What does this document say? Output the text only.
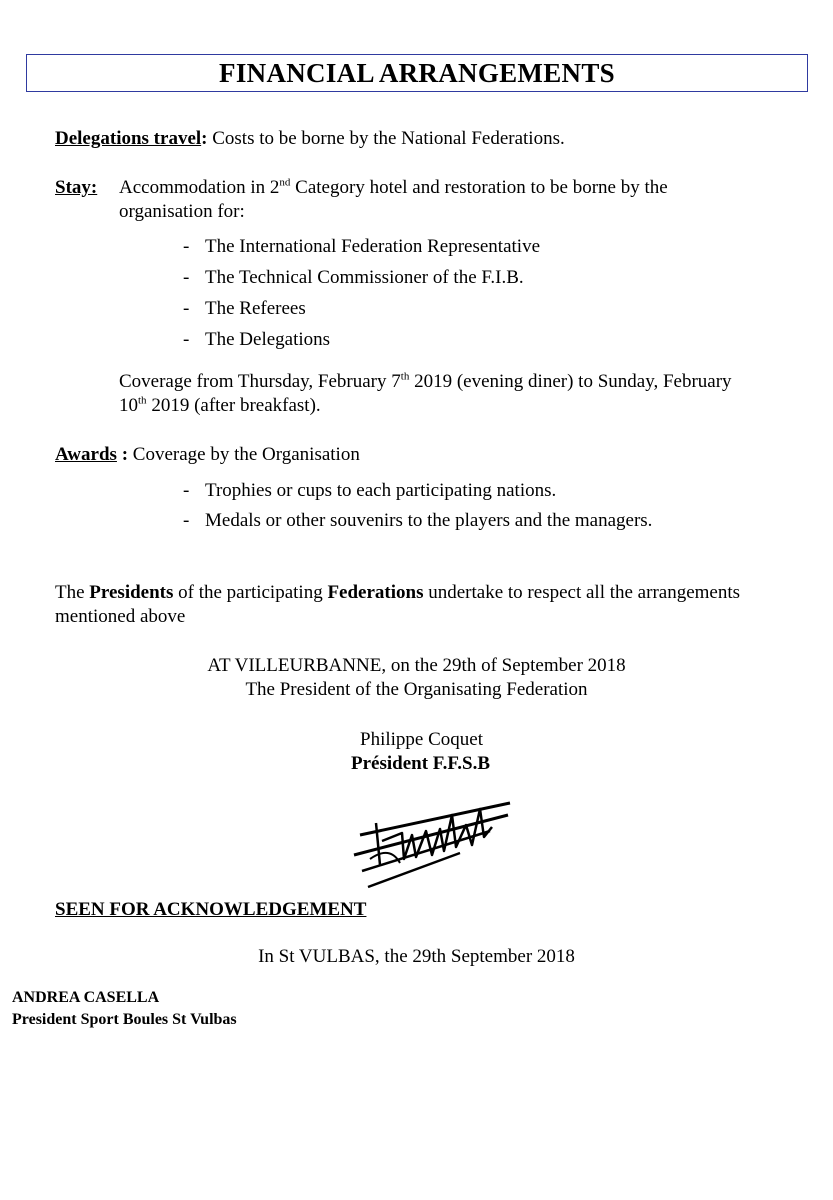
FINANCIAL ARRANGEMENTS
Delegations travel: Costs to be borne by the National Federations.
Stay: Accommodation in 2nd Category hotel and restoration to be borne by the
organisation for:
- The International Federation Representative
- The Technical Commissioner of the F.I.B.
- The Referees
- The Delegations
Coverage from Thursday, February 7th 2019 (evening diner) to Sunday, February
10th 2019 (after breakfast).
Awards : Coverage by the Organisation
- Trophies or cups to each participating nations.
- Medals or other souvenirs to the players and the managers.
The Presidents of the participating Federations undertake to respect all the arrangements
mentioned above
AT VILLEURBANNE, on the 29th of September 2018
The President of the Organisating Federation
Philippe Coquet
Président F.F.S.B
SEEN FOR ACKNOWLEDGEMENT
In St VULBAS, the 29th September 2018
ANDREA CASELLA
President Sport Boules St Vulbas
